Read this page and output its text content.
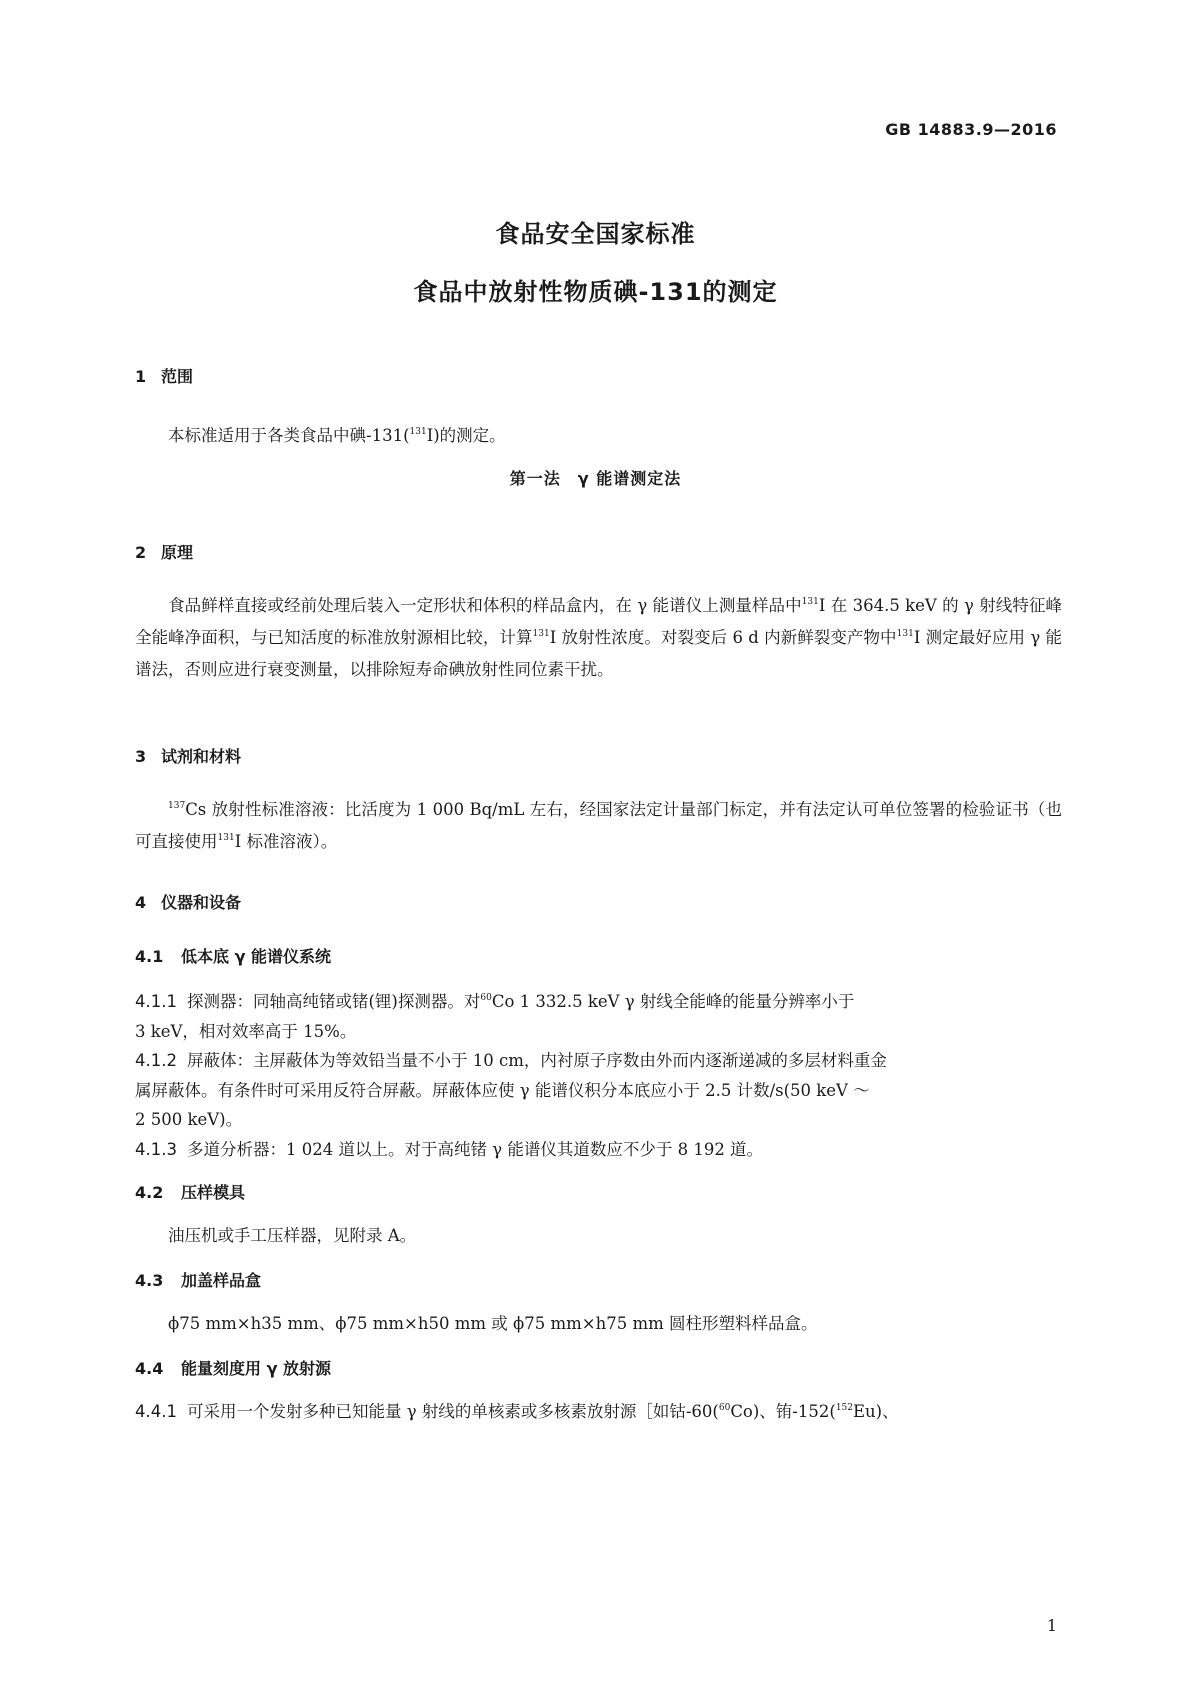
GB 14883.9—2016
食品安全国家标准
食品中放射性物质碘-131的测定
1 范围
本标准适用于各类食品中碘-131($^{131}$I)的测定。
第一法　γ 能谱测定法
2 原理
食品鲜样直接或经前处理后装入一定形状和体积的样品盒内，在 γ 能谱仪上测量样品中$^{131}$I 在 364.5 keV 的 γ 射线特征峰全能峰净面积，与已知活度的标准放射源相比较，计算$^{131}$I 放射性浓度。对裂变后 6 d 内新鲜裂变产物中$^{131}$I 测定最好应用 γ 能谱法，否则应进行衰变测量，以排除短寿命碘放射性同位素干扰。
3 试剂和材料
$^{137}$Cs 放射性标准溶液：比活度为 1 000 Bq/mL 左右，经国家法定计量部门标定，并有法定认可单位签署的检验证书（也可直接使用$^{131}$I 标准溶液）。
4 仪器和设备
4.1 低本底 γ 能谱仪系统
4.1.1 探测器：同轴高纯锗或锗(锂)探测器。对$^{60}$Co 1 332.5 keV γ 射线全能峰的能量分辨率小于
3 keV，相对效率高于 15%。
4.1.2 屏蔽体：主屏蔽体为等效铅当量不小于 10 cm，内衬原子序数由外而内逐渐递减的多层材料重金
属屏蔽体。有条件时可采用反符合屏蔽。屏蔽体应使 γ 能谱仪积分本底应小于 2.5 计数/s(50 keV ～
2 500 keV)。
4.1.3 多道分析器：1 024 道以上。对于高纯锗 γ 能谱仪其道数应不少于 8 192 道。
4.2 压样模具
油压机或手工压样器，见附录 A。
4.3 加盖样品盒
ϕ75 mm×h35 mm、ϕ75 mm×h50 mm 或 ϕ75 mm×h75 mm 圆柱形塑料样品盒。
4.4 能量刻度用 γ 放射源
4.4.1 可采用一个发射多种已知能量 γ 射线的单核素或多核素放射源［如钴-60($^{60}$Co)、铕-152($^{152}$Eu)、
1
